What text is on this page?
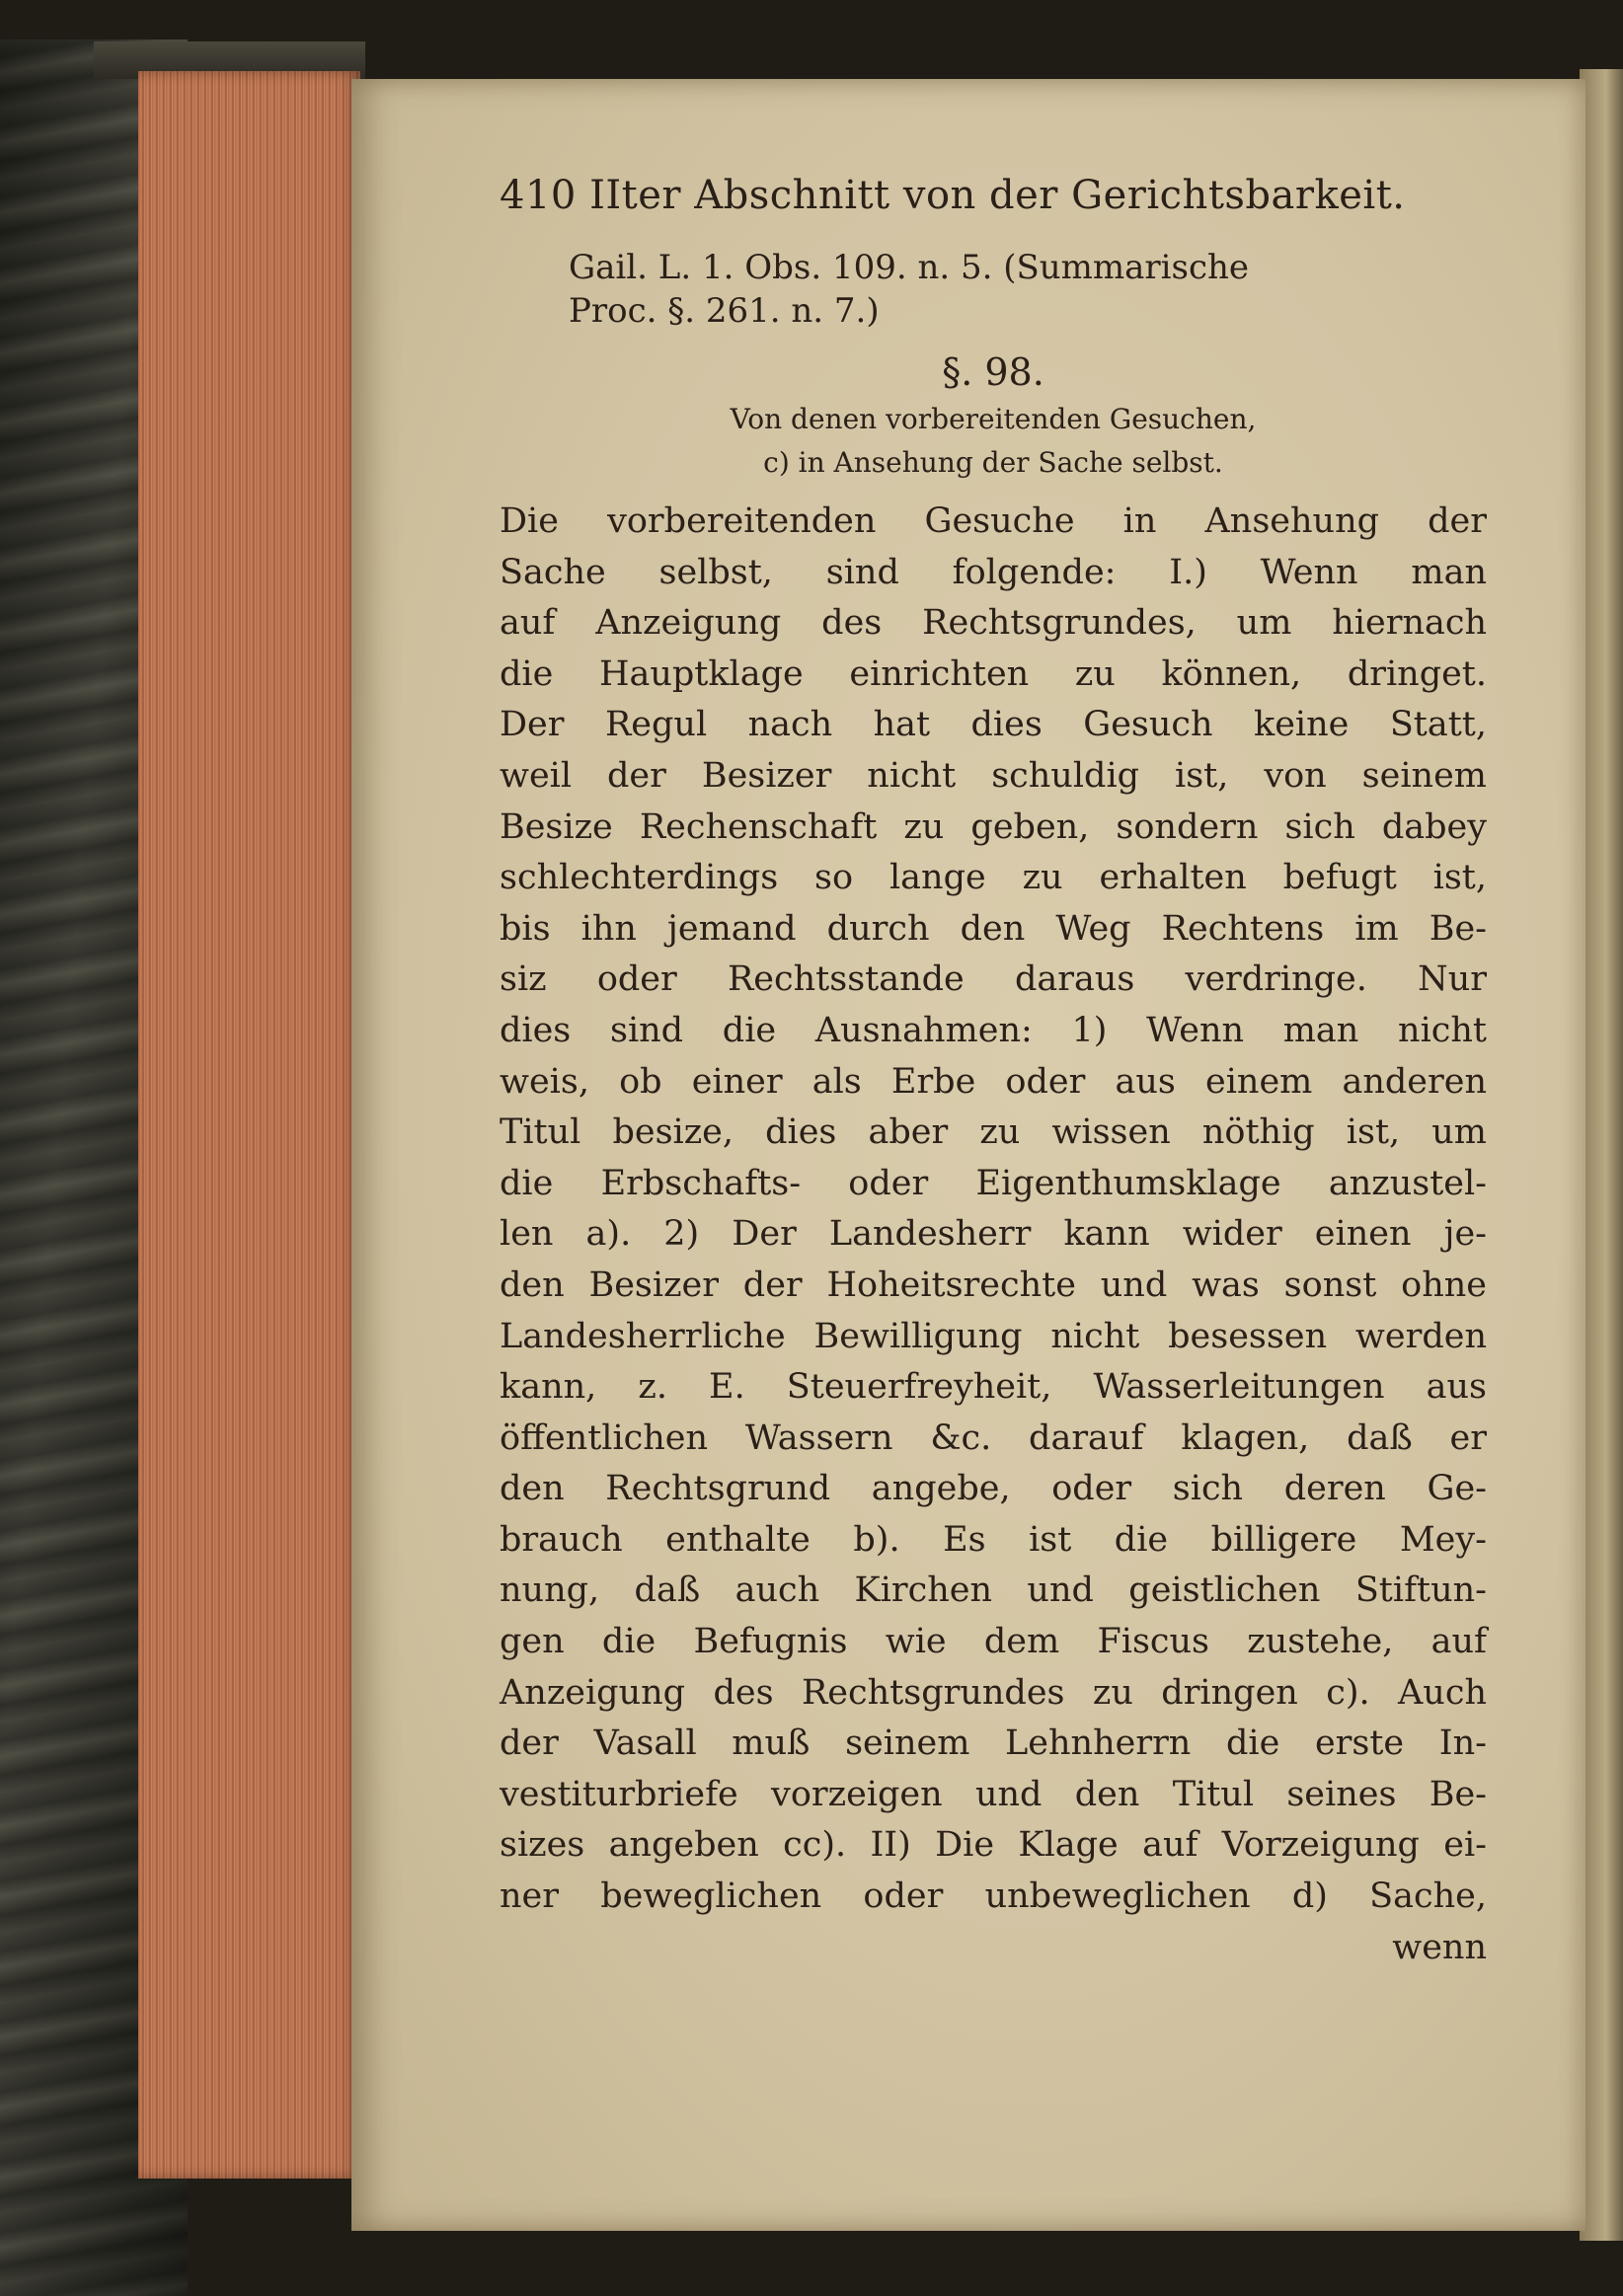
410 IIter Abschnitt von der Gerichtsbarkeit.
Gail. L. 1. Obs. 109. n. 5. (Summarische
Proc. §. 261. n. 7.)
§. 98.
Von denen vorbereitenden Gesuchen,
c) in Ansehung der Sache selbst.
Die vorbereitenden Gesuche in Ansehung der
Sache selbst, sind folgende: I.) Wenn man
auf Anzeigung des Rechtsgrundes, um hiernach
die Hauptklage einrichten zu können, dringet.
Der Regul nach hat dies Gesuch keine Statt,
weil der Besizer nicht schuldig ist, von seinem
Besize Rechenschaft zu geben, sondern sich dabey
schlechterdings so lange zu erhalten befugt ist,
bis ihn jemand durch den Weg Rechtens im Be-
siz oder Rechtsstande daraus verdringe. Nur
dies sind die Ausnahmen: 1) Wenn man nicht
weis, ob einer als Erbe oder aus einem anderen
Titul besize, dies aber zu wissen nöthig ist, um
die Erbschafts- oder Eigenthumsklage anzustel-
len a). 2) Der Landesherr kann wider einen je-
den Besizer der Hoheitsrechte und was sonst ohne
Landesherrliche Bewilligung nicht besessen werden
kann, z. E. Steuerfreyheit, Wasserleitungen aus
öffentlichen Wassern &c. darauf klagen, daß er
den Rechtsgrund angebe, oder sich deren Ge-
brauch enthalte b). Es ist die billigere Mey-
nung, daß auch Kirchen und geistlichen Stiftun-
gen die Befugnis wie dem Fiscus zustehe, auf
Anzeigung des Rechtsgrundes zu dringen c). Auch
der Vasall muß seinem Lehnherrn die erste In-
vestiturbriefe vorzeigen und den Titul seines Be-
sizes angeben cc). II) Die Klage auf Vorzeigung ei-
ner beweglichen oder unbeweglichen d) Sache,
wenn
